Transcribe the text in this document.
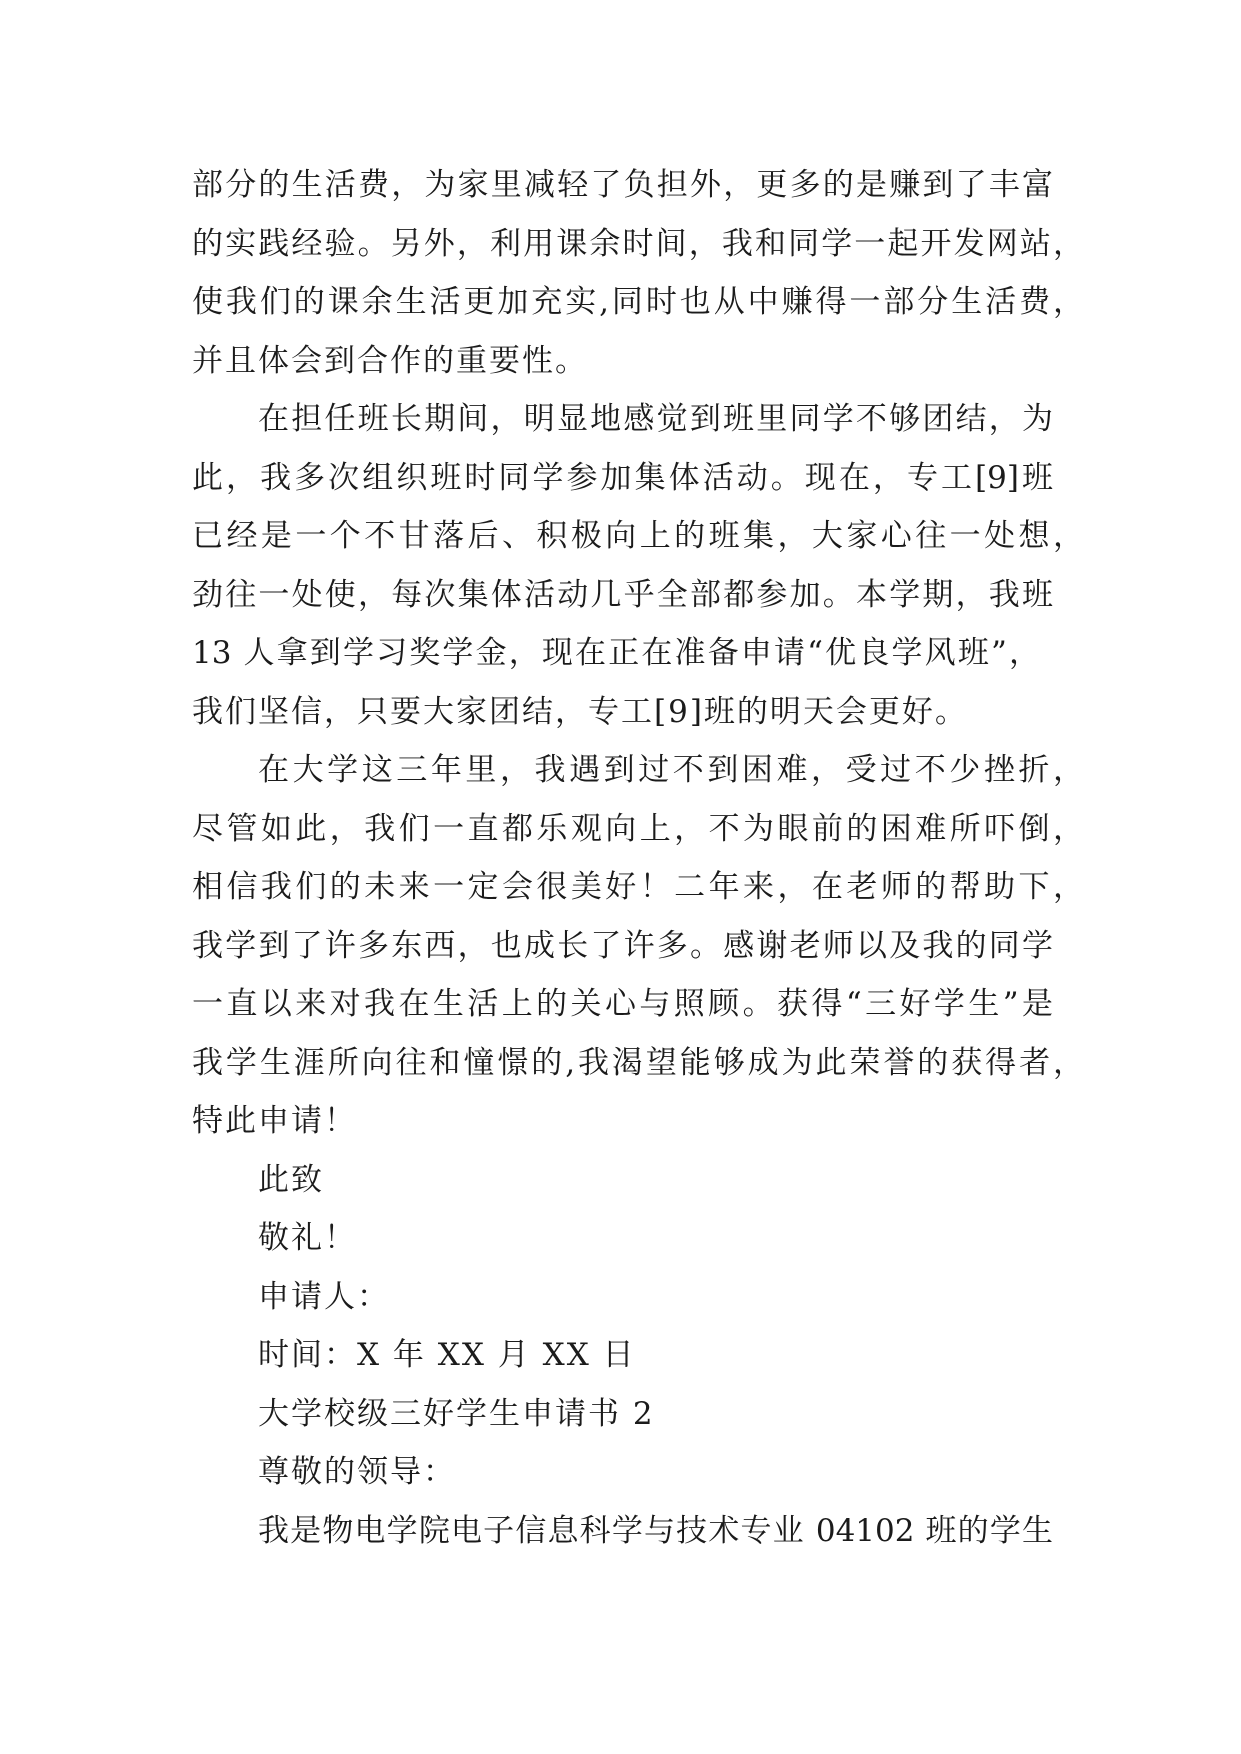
部分的生活费，为家里减轻了负担外，更多的是赚到了丰富
的实践经验。另外，利用课余时间，我和同学一起开发网站，
使我们的课余生活更加充实,同时也从中赚得一部分生活费，
并且体会到合作的重要性。
在担任班长期间，明显地感觉到班里同学不够团结，为
此，我多次组织班时同学参加集体活动。现在，专工[9]班
已经是一个不甘落后、积极向上的班集，大家心往一处想，
劲往一处使，每次集体活动几乎全部都参加。本学期，我班
13 人拿到学习奖学金，现在正在准备申请“优良学风班”，
我们坚信，只要大家团结，专工[9]班的明天会更好。
在大学这三年里，我遇到过不到困难，受过不少挫折，
尽管如此，我们一直都乐观向上，不为眼前的困难所吓倒，
相信我们的未来一定会很美好！二年来，在老师的帮助下，
我学到了许多东西，也成长了许多。感谢老师以及我的同学
一直以来对我在生活上的关心与照顾。获得“三好学生”是
我学生涯所向往和憧憬的,我渴望能够成为此荣誉的获得者，
特此申请！
此致
敬礼！
申请人：
时间：X 年 XX 月 XX 日
大学校级三好学生申请书 2
尊敬的领导：
我是物电学院电子信息科学与技术专业 04102 班的学生
